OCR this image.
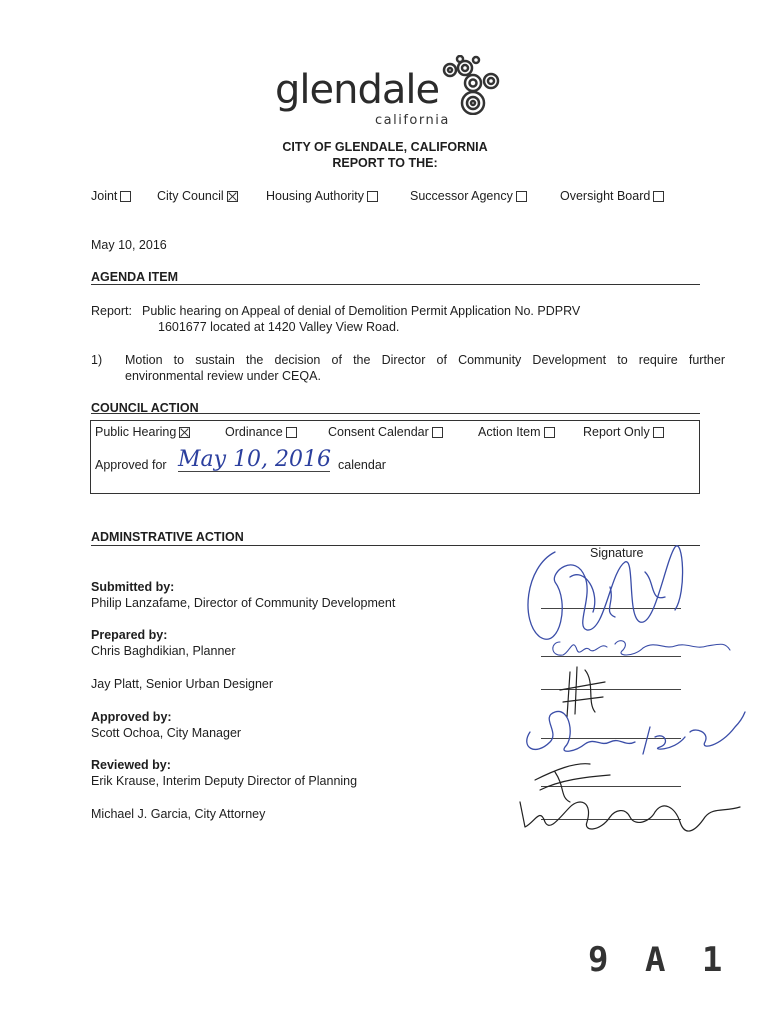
glendale
california
CITY OF GLENDALE, CALIFORNIA
REPORT TO THE:
Joint	City Council	Housing Authority	Successor Agency	Oversight Board
May 10, 2016
AGENDA ITEM
Report: Public hearing on Appeal of denial of Demolition Permit Application No. PDPRV
1601677 located at 1420 Valley View Road.
1) Motion to sustain the decision of the Director of Community Development to require further
environmental review under CEQA.
COUNCIL ACTION
Public Hearing	Ordinance	Consent Calendar	Action Item	Report Only
Approved for May 10, 2016 calendar
ADMINSTRATIVE ACTION
Signature
Submitted by:
Philip Lanzafame, Director of Community Development
Prepared by:
Chris Baghdikian, Planner
Jay Platt, Senior Urban Designer
Approved by:
Scott Ochoa, City Manager
Reviewed by:
Erik Krause, Interim Deputy Director of Planning
Michael J. Garcia, City Attorney
9 A 1
